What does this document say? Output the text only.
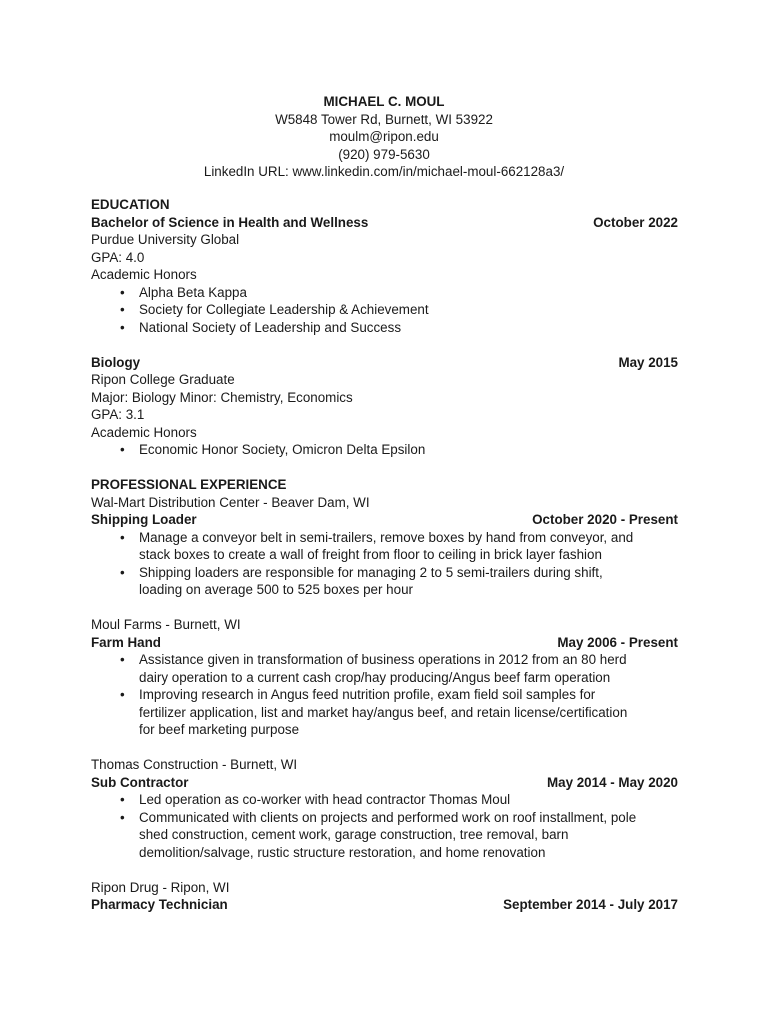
MICHAEL C. MOUL
W5848 Tower Rd, Burnett, WI 53922
moulm@ripon.edu
(920) 979-5630
LinkedIn URL: www.linkedin.com/in/michael-moul-662128a3/
EDUCATION
Bachelor of Science in Health and Wellness	October 2022
Purdue University Global
GPA: 4.0
Academic Honors
• Alpha Beta Kappa
• Society for Collegiate Leadership & Achievement
• National Society of Leadership and Success
Biology	May 2015
Ripon College Graduate
Major: Biology Minor: Chemistry, Economics
GPA: 3.1
Academic Honors
• Economic Honor Society, Omicron Delta Epsilon
PROFESSIONAL EXPERIENCE
Wal-Mart Distribution Center - Beaver Dam, WI
Shipping Loader	October 2020 - Present
• Manage a conveyor belt in semi-trailers, remove boxes by hand from conveyor, and
stack boxes to create a wall of freight from floor to ceiling in brick layer fashion
• Shipping loaders are responsible for managing 2 to 5 semi-trailers during shift,
loading on average 500 to 525 boxes per hour
Moul Farms - Burnett, WI
Farm Hand	May 2006 - Present
• Assistance given in transformation of business operations in 2012 from an 80 herd
dairy operation to a current cash crop/hay producing/Angus beef farm operation
• Improving research in Angus feed nutrition profile, exam field soil samples for
fertilizer application, list and market hay/angus beef, and retain license/certification
for beef marketing purpose
Thomas Construction - Burnett, WI
Sub Contractor	May 2014 - May 2020
• Led operation as co-worker with head contractor Thomas Moul
• Communicated with clients on projects and performed work on roof installment, pole
shed construction, cement work, garage construction, tree removal, barn
demolition/salvage, rustic structure restoration, and home renovation
Ripon Drug - Ripon, WI
Pharmacy Technician	September 2014 - July 2017
